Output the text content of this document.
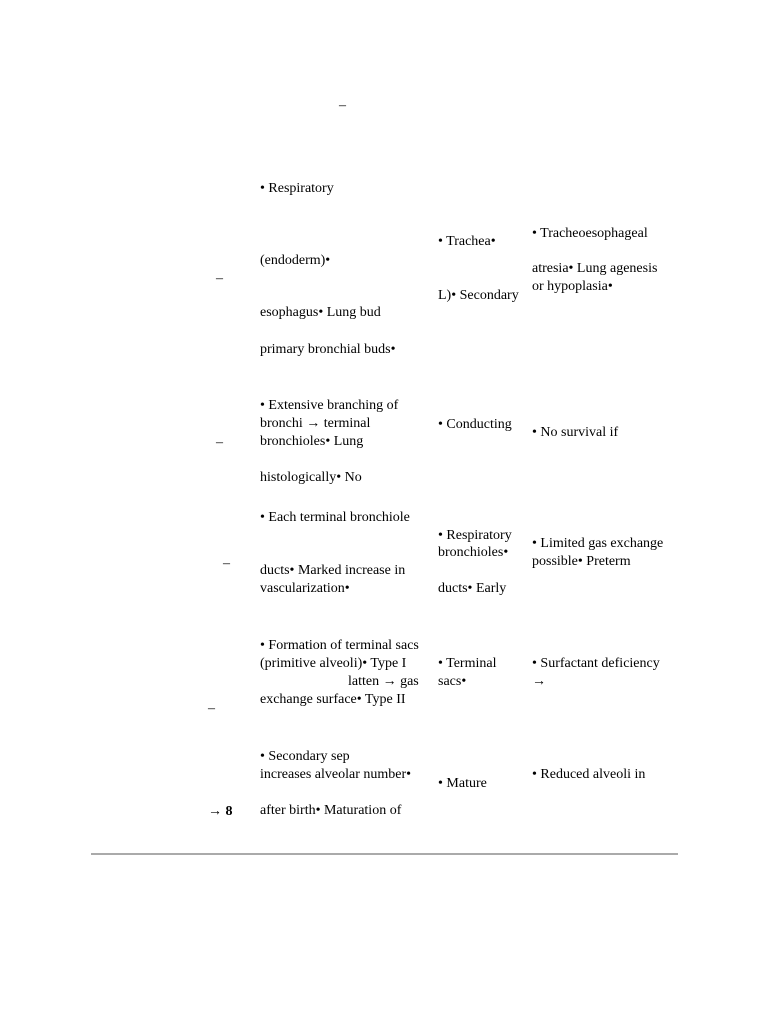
–
–
• Respiratory
(endoderm)•
esophagus• Lung bud
primary bronchial buds•
• Trachea•
L)• Secondary
• Tracheoesophageal
atresia• Lung agenesis
or hypoplasia•
–
• Extensive branching of
bronchi → terminal
bronchioles• Lung
histologically• No
• Conducting
• No survival if
–
• Each terminal bronchiole
ducts• Marked increase in
vascularization•
• Respiratory
bronchioles•
ducts• Early
• Limited gas exchange
possible• Preterm
–
• Formation of terminal sacs
(primitive alveoli)• Type I
latten → gas
exchange surface• Type II
• Terminal
sacs•
• Surfactant deficiency
→
→ 8
• Secondary sep
increases alveolar number•
after birth• Maturation of
• Mature
• Reduced alveoli in
